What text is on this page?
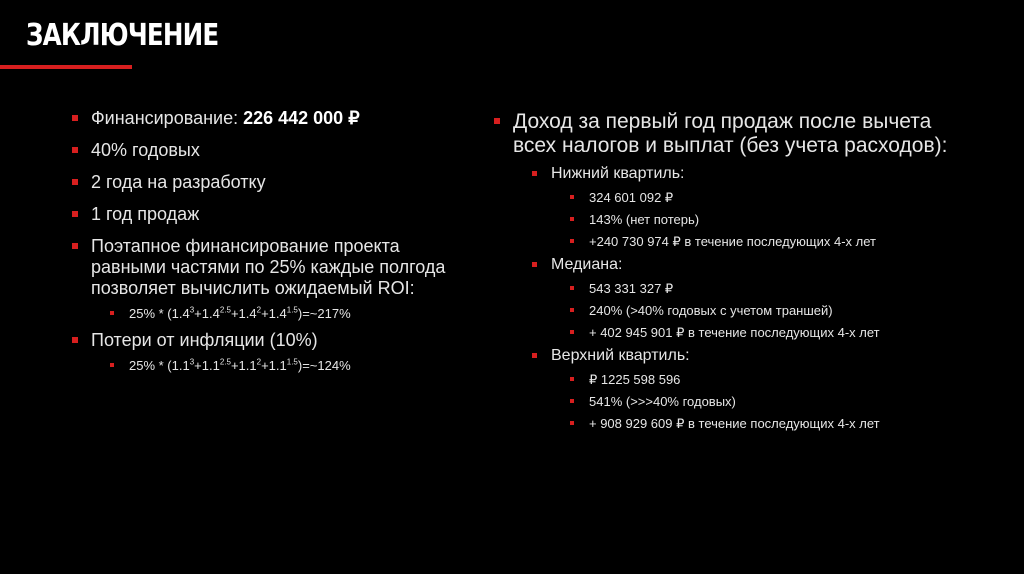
ЗАКЛЮЧЕНИЕ
Финансирование: 226 442 000 ₽
40% годовых
2 года на разработку
1 год продаж
Поэтапное финансирование проекта равными частями по 25% каждые полгода позволяет вычислить ожидаемый ROI:
$25\% * (1.4^3+1.4^{2.5}+1.4^2+1.4^{1.5})=\sim 217\%$
Потери от инфляции (10%)
$25\% * (1.1^3+1.1^{2.5}+1.1^2+1.1^{1.5})=\sim 124\%$
Доход за первый год продаж после вычета всех налогов и выплат (без учета расходов):
Нижний квартиль:
324 601 092 ₽
143% (нет потерь)
+240 730 974 ₽ в течение последующих 4-х лет
Медиана:
543 331 327 ₽
240% (>40% годовых с учетом траншей)
+ 402 945 901 ₽ в течение последующих 4-х лет
Верхний квартиль:
₽ 1225 598 596
541% (>>>40% годовых)
+ 908 929 609 ₽ в течение последующих 4-х лет
